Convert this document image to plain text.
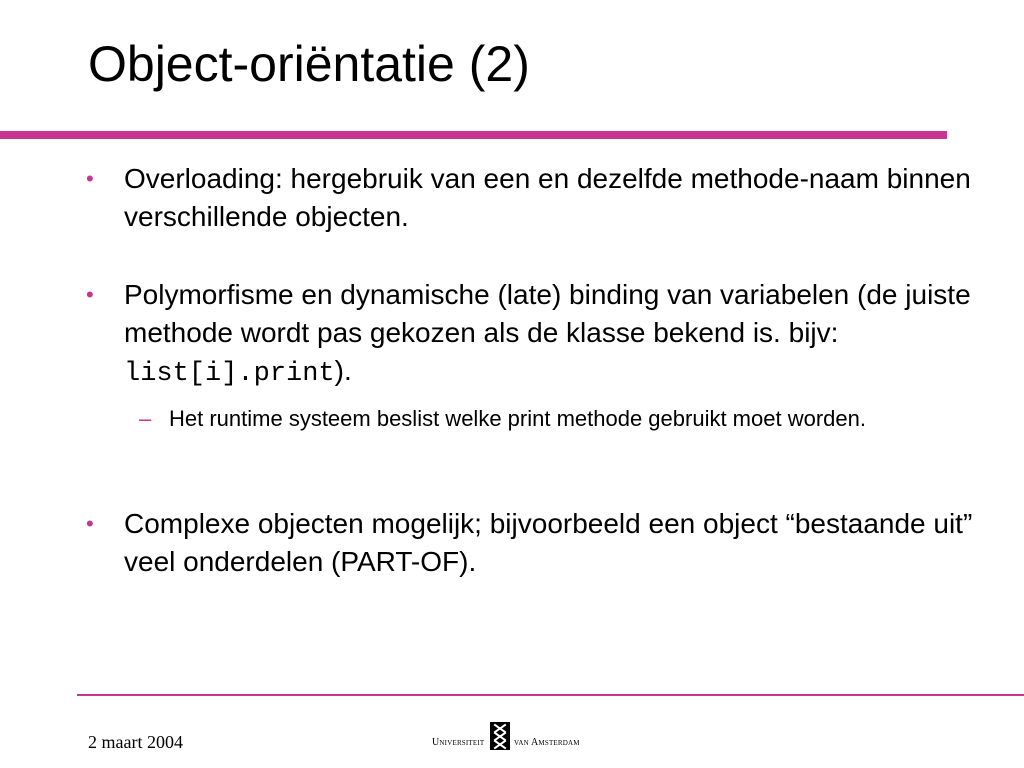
Object-oriëntatie (2)
• Overloading: hergebruik van een en dezelfde methode-naam binnen verschillende objecten.
• Polymorfisme en dynamische (late) binding van variabelen (de juiste methode wordt pas gekozen als de klasse bekend is. bijv: list[i].print).
– Het runtime systeem beslist welke print methode gebruikt moet worden.
• Complexe objecten mogelijk; bijvoorbeeld een object “bestaande uit” veel onderdelen (PART-OF).
2 maart 2004	Universiteit	van Amsterdam
